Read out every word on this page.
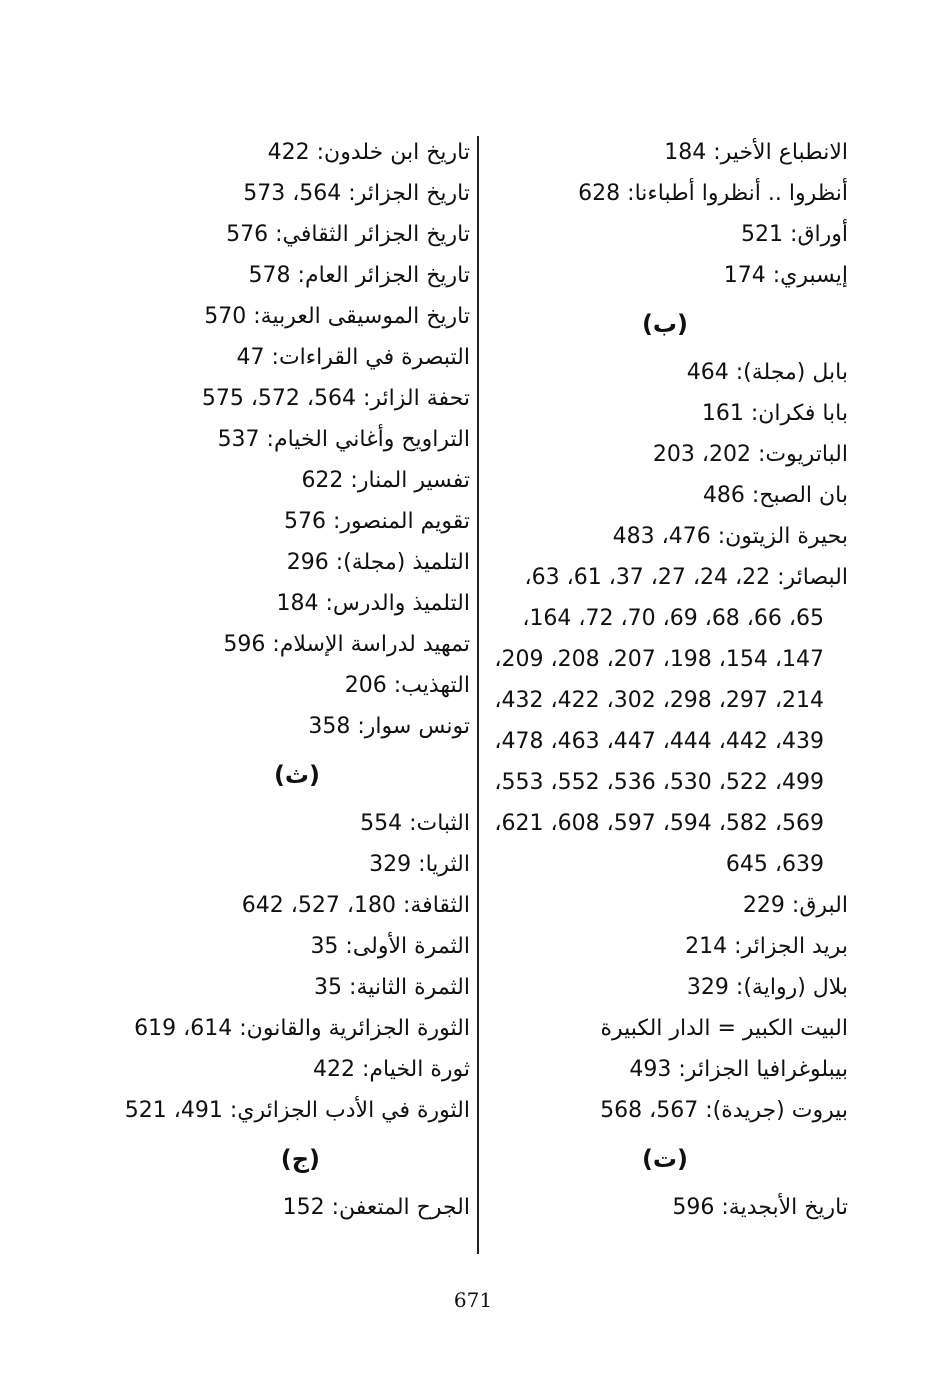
الانطباع الأخير: 184
أنظروا .. أنظروا أطباءنا: 628
أوراق: 521
إيسبري: 174
(ب)
بابل (مجلة): 464
بابا فكران: 161
الباتريوت: 202، 203
بان الصبح: 486
بحيرة الزيتون: 476، 483
البصائر: 22، 24، 27، 37، 61، 63،
65، 66، 68، 69، 70، 72، 164،
147، 154، 198، 207، 208، 209،
214، 297، 298، 302، 422، 432،
439، 442، 444، 447، 463، 478،
499، 522، 530، 536، 552، 553،
569، 582، 594، 597، 608، 621،
639، 645
البرق: 229
بريد الجزائر: 214
بلال (رواية): 329
البيت الكبير = الدار الكبيرة
بيبلوغرافيا الجزائر: 493
بيروت (جريدة): 567، 568
(ت)
تاريخ الأبجدية: 596
تاريخ ابن خلدون: 422
تاريخ الجزائر: 564، 573
تاريخ الجزائر الثقافي: 576
تاريخ الجزائر العام: 578
تاريخ الموسيقى العربية: 570
التبصرة في القراءات: 47
تحفة الزائر: 564، 572، 575
التراويح وأغاني الخيام: 537
تفسير المنار: 622
تقويم المنصور: 576
التلميذ (مجلة): 296
التلميذ والدرس: 184
تمهيد لدراسة الإسلام: 596
التهذيب: 206
تونس سوار: 358
(ث)
الثبات: 554
الثريا: 329
الثقافة: 180، 527، 642
الثمرة الأولى: 35
الثمرة الثانية: 35
الثورة الجزائرية والقانون: 614، 619
ثورة الخيام: 422
الثورة في الأدب الجزائري: 491، 521
(ج)
الجرح المتعفن: 152
671
